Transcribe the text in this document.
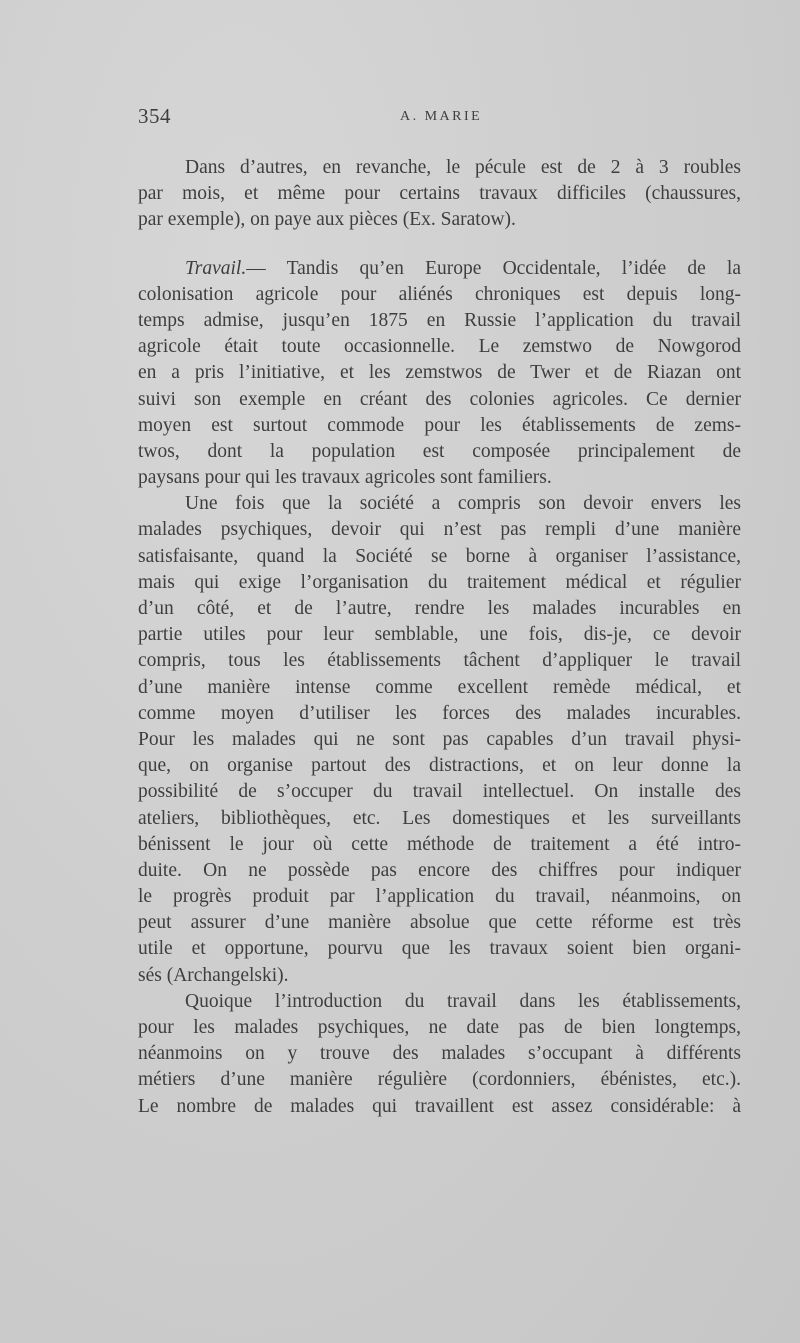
354	A. MARIE
Dans d’autres, en revanche, le pécule est de 2 à 3 roubles
par mois, et même pour certains travaux difficiles (chaussures,
par exemple), on paye aux pièces (Ex. Saratow).
Travail.— Tandis qu’en Europe Occidentale, l’idée de la
colonisation agricole pour aliénés chroniques est depuis long-
temps admise, jusqu’en 1875 en Russie l’application du travail
agricole était toute occasionnelle. Le zemstwo de Nowgorod
en a pris l’initiative, et les zemstwos de Twer et de Riazan ont
suivi son exemple en créant des colonies agricoles. Ce dernier
moyen est surtout commode pour les établissements de zems-
twos, dont la population est composée principalement de
paysans pour qui les travaux agricoles sont familiers.
Une fois que la société a compris son devoir envers les
malades psychiques, devoir qui n’est pas rempli d’une manière
satisfaisante, quand la Société se borne à organiser l’assistance,
mais qui exige l’organisation du traitement médical et régulier
d’un côté, et de l’autre, rendre les malades incurables en
partie utiles pour leur semblable, une fois, dis-je, ce devoir
compris, tous les établissements tâchent d’appliquer le travail
d’une manière intense comme excellent remède médical, et
comme moyen d’utiliser les forces des malades incurables.
Pour les malades qui ne sont pas capables d’un travail physi-
que, on organise partout des distractions, et on leur donne la
possibilité de s’occuper du travail intellectuel. On installe des
ateliers, bibliothèques, etc. Les domestiques et les surveillants
bénissent le jour où cette méthode de traitement a été intro-
duite. On ne possède pas encore des chiffres pour indiquer
le progrès produit par l’application du travail, néanmoins, on
peut assurer d’une manière absolue que cette réforme est très
utile et opportune, pourvu que les travaux soient bien organi-
sés (Archangelski).
Quoique l’introduction du travail dans les établissements,
pour les malades psychiques, ne date pas de bien longtemps,
néanmoins on y trouve des malades s’occupant à différents
métiers d’une manière régulière (cordonniers, ébénistes, etc.).
Le nombre de malades qui travaillent est assez considérable: à
